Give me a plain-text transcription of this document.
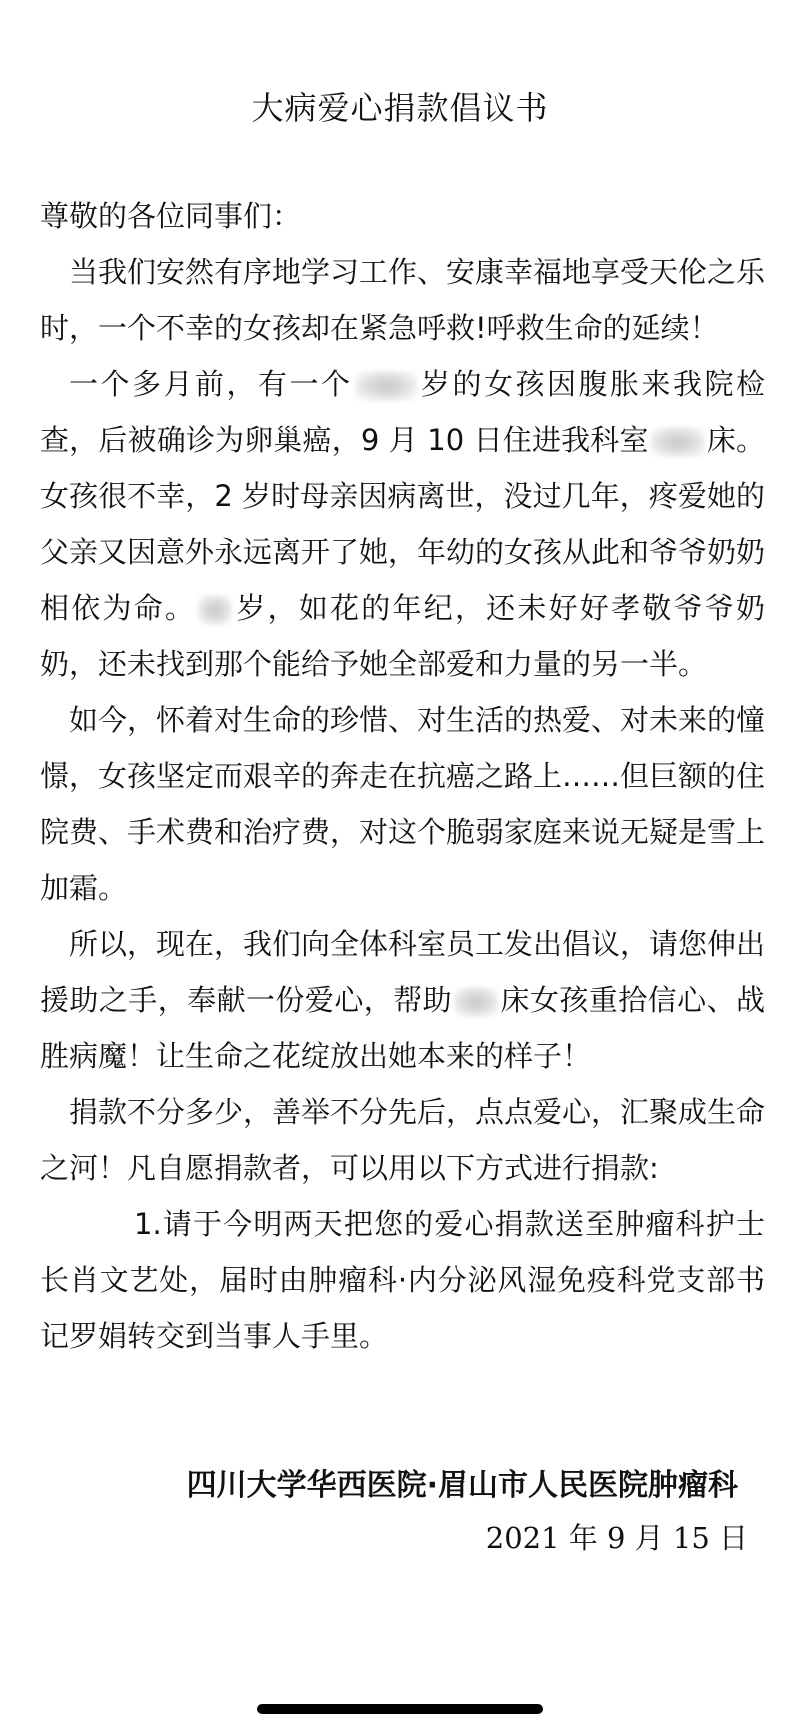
大病爱心捐款倡议书

尊敬的各位同事们：

当我们安然有序地学习工作、安康幸福地享受天伦之乐时，一个不幸的女孩却在紧急呼救!呼救生命的延续！

一个多月前，有一个 岁的女孩因腹胀来我院检查，后被确诊为卵巢癌，9 月 10 日住进我科室 床。女孩很不幸，2 岁时母亲因病离世，没过几年，疼爱她的父亲又因意外永远离开了她，年幼的女孩从此和爷爷奶奶相依为命。 岁，如花的年纪，还未好好孝敬爷爷奶奶，还未找到那个能给予她全部爱和力量的另一半。

如今，怀着对生命的珍惜、对生活的热爱、对未来的憧憬，女孩坚定而艰辛的奔走在抗癌之路上……但巨额的住院费、手术费和治疗费，对这个脆弱家庭来说无疑是雪上加霜。

所以，现在，我们向全体科室员工发出倡议，请您伸出援助之手，奉献一份爱心，帮助 床女孩重拾信心、战胜病魔！让生命之花绽放出她本来的样子！

捐款不分多少，善举不分先后，点点爱心，汇聚成生命之河！凡自愿捐款者，可以用以下方式进行捐款:

1.请于今明两天把您的爱心捐款送至肿瘤科护士长肖文艺处，届时由肿瘤科·内分泌风湿免疫科党支部书记罗娟转交到当事人手里。

四川大学华西医院·眉山市人民医院肿瘤科
2021 年 9 月 15 日
